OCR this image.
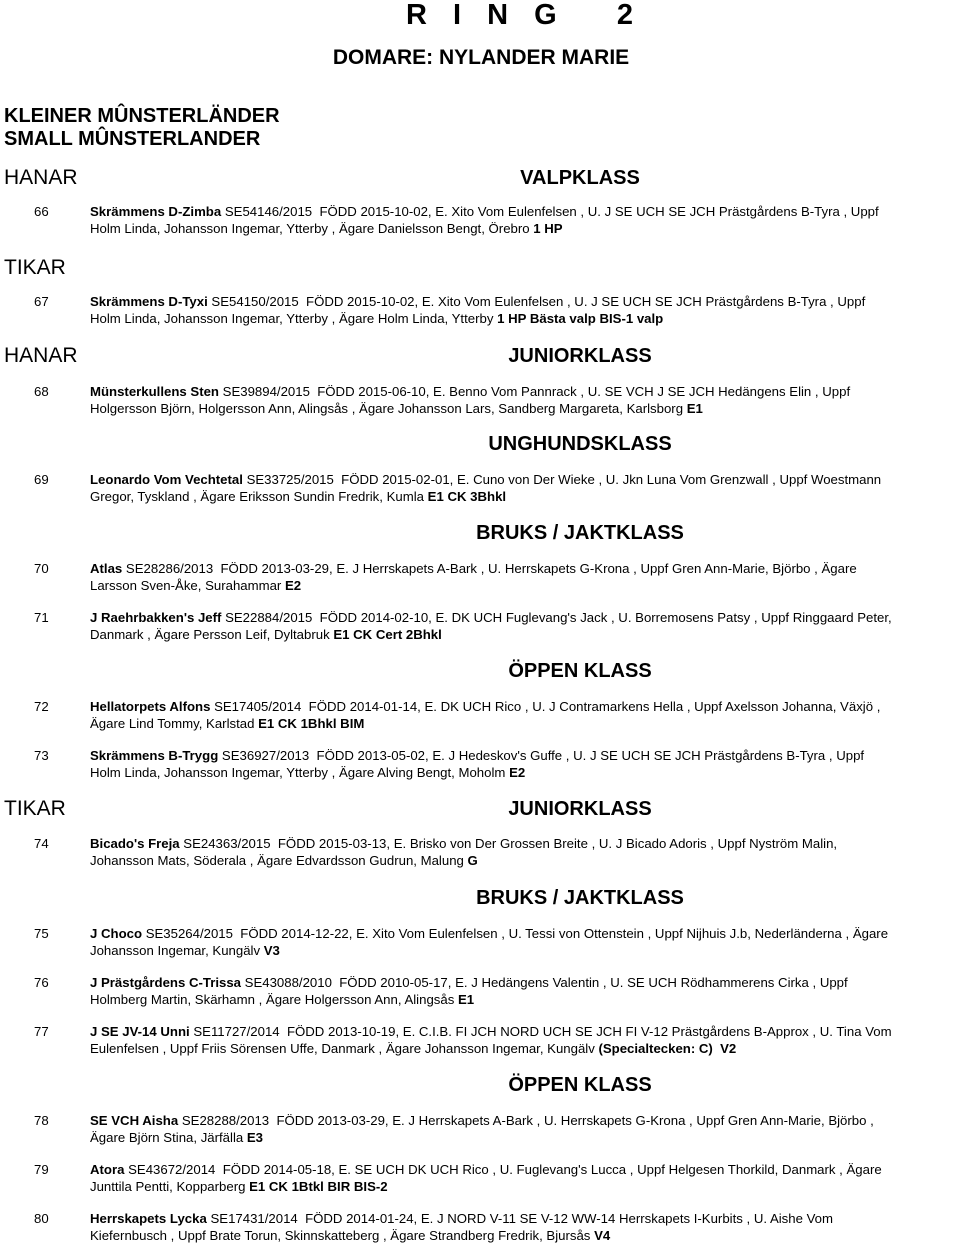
R I N G   2
DOMARE: NYLANDER MARIE
KLEINER MÛNSTERLÄNDER
SMALL MÛNSTERLANDER
HANAR	VALPKLASS
66	Skrämmens D-Zimba SE54146/2015  FÖDD 2015-10-02, E. Xito Vom Eulenfelsen , U. J SE UCH SE JCH Prästgårdens B-Tyra , Uppf
Holm Linda, Johansson Ingemar, Ytterby , Ägare Danielsson Bengt, Örebro 1 HP
TIKAR
67	Skrämmens D-Tyxi SE54150/2015  FÖDD 2015-10-02, E. Xito Vom Eulenfelsen , U. J SE UCH SE JCH Prästgårdens B-Tyra , Uppf
Holm Linda, Johansson Ingemar, Ytterby , Ägare Holm Linda, Ytterby 1 HP Bästa valp BIS-1 valp
HANAR	JUNIORKLASS
68	Münsterkullens Sten SE39894/2015  FÖDD 2015-06-10, E. Benno Vom Pannrack , U. SE VCH J SE JCH Hedängens Elin , Uppf
Holgersson Björn, Holgersson Ann, Alingsås , Ägare Johansson Lars, Sandberg Margareta, Karlsborg E1
UNGHUNDSKLASS
69	Leonardo Vom Vechtetal SE33725/2015  FÖDD 2015-02-01, E. Cuno von Der Wieke , U. Jkn Luna Vom Grenzwall , Uppf Woestmann
Gregor, Tyskland , Ägare Eriksson Sundin Fredrik, Kumla E1 CK 3Bhkl
BRUKS / JAKTKLASS
70	Atlas SE28286/2013  FÖDD 2013-03-29, E. J Herrskapets A-Bark , U. Herrskapets G-Krona , Uppf Gren Ann-Marie, Björbo , Ägare
Larsson Sven-Åke, Surahammar E2
71	J Raehrbakken's Jeff SE22884/2015  FÖDD 2014-02-10, E. DK UCH Fuglevang's Jack , U. Borremosens Patsy , Uppf Ringgaard Peter,
Danmark , Ägare Persson Leif, Dyltabruk E1 CK Cert 2Bhkl
ÖPPEN KLASS
72	Hellatorpets Alfons SE17405/2014  FÖDD 2014-01-14, E. DK UCH Rico , U. J Contramarkens Hella , Uppf Axelsson Johanna, Växjö ,
Ägare Lind Tommy, Karlstad E1 CK 1Bhkl BIM
73	Skrämmens B-Trygg SE36927/2013  FÖDD 2013-05-02, E. J Hedeskov's Guffe , U. J SE UCH SE JCH Prästgårdens B-Tyra , Uppf
Holm Linda, Johansson Ingemar, Ytterby , Ägare Alving Bengt, Moholm E2
TIKAR	JUNIORKLASS
74	Bicado's Freja SE24363/2015  FÖDD 2015-03-13, E. Brisko von Der Grossen Breite , U. J Bicado Adoris , Uppf Nyström Malin,
Johansson Mats, Söderala , Ägare Edvardsson Gudrun, Malung G
BRUKS / JAKTKLASS
75	J Choco SE35264/2015  FÖDD 2014-12-22, E. Xito Vom Eulenfelsen , U. Tessi von Ottenstein , Uppf Nijhuis J.b, Nederländerna , Ägare
Johansson Ingemar, Kungälv V3
76	J Prästgårdens C-Trissa SE43088/2010  FÖDD 2010-05-17, E. J Hedängens Valentin , U. SE UCH Rödhammerens Cirka , Uppf
Holmberg Martin, Skärhamn , Ägare Holgersson Ann, Alingsås E1
77	J SE JV-14 Unni SE11727/2014  FÖDD 2013-10-19, E. C.I.B. FI JCH NORD UCH SE JCH FI V-12 Prästgårdens B-Approx , U. Tina Vom
Eulenfelsen , Uppf Friis Sörensen Uffe, Danmark , Ägare Johansson Ingemar, Kungälv (Specialtecken: C)  V2
ÖPPEN KLASS
78	SE VCH Aisha SE28288/2013  FÖDD 2013-03-29, E. J Herrskapets A-Bark , U. Herrskapets G-Krona , Uppf Gren Ann-Marie, Björbo ,
Ägare Björn Stina, Järfälla E3
79	Atora SE43672/2014  FÖDD 2014-05-18, E. SE UCH DK UCH Rico , U. Fuglevang's Lucca , Uppf Helgesen Thorkild, Danmark , Ägare
Junttila Pentti, Kopparberg E1 CK 1Btkl BIR BIS-2
80	Herrskapets Lycka SE17431/2014  FÖDD 2014-01-24, E. J NORD V-11 SE V-12 WW-14 Herrskapets I-Kurbits , U. Aishe Vom
Kiefernbusch , Uppf Brate Torun, Skinnskatteberg , Ägare Strandberg Fredrik, Bjursås V4
